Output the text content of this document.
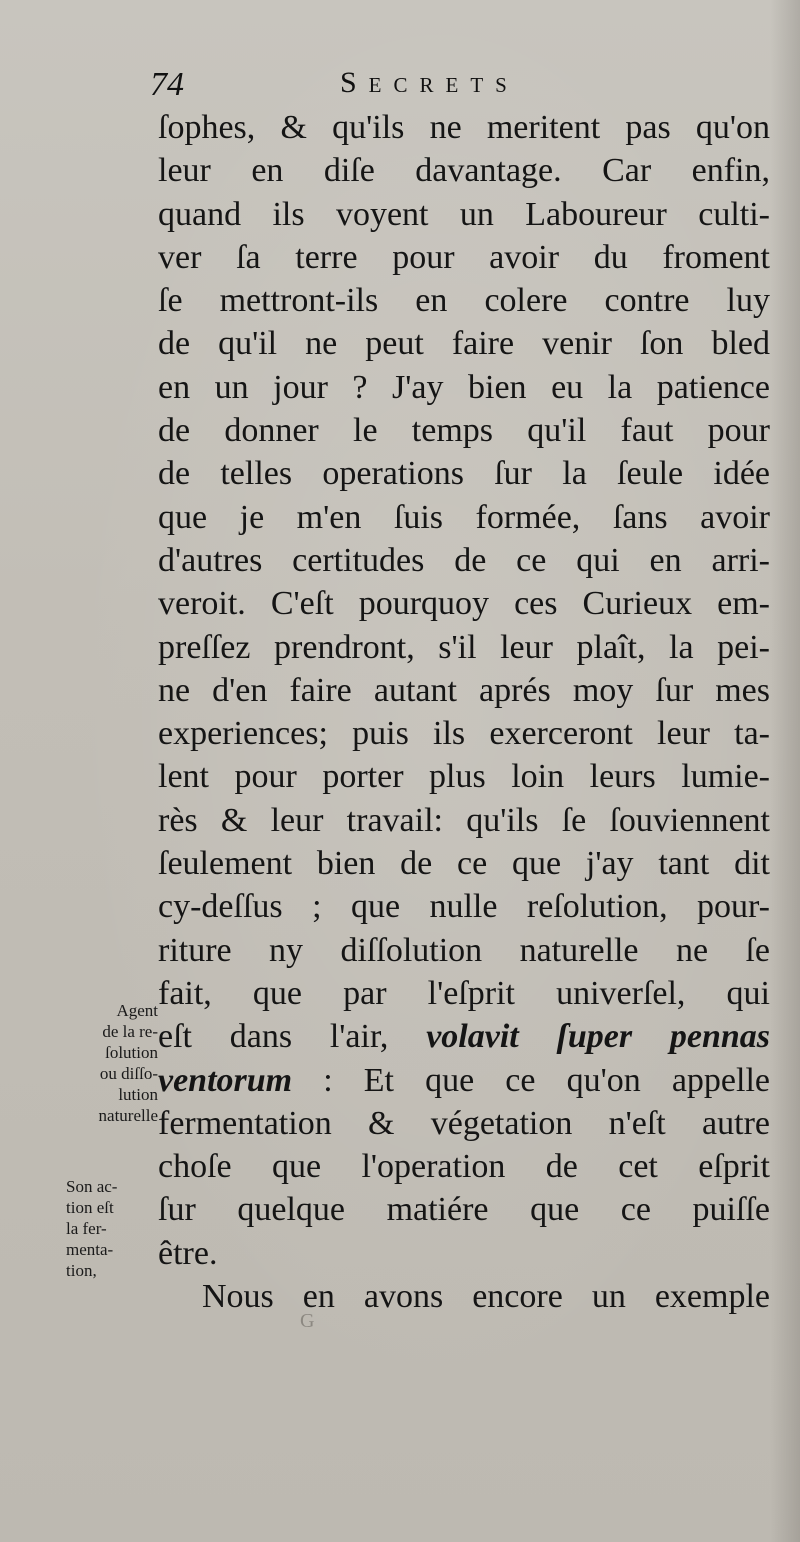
74	Secrets
ſophes, & qu'ils ne meritent pas qu'on
leur en diſe davantage. Car enfin,
quand ils voyent un Laboureur culti-
ver ſa terre pour avoir du froment
ſe mettront-ils en colere contre luy
de qu'il ne peut faire venir ſon bled
en un jour ? J'ay bien eu la patience
de donner le temps qu'il faut pour
de telles operations ſur la ſeule idée
que je m'en ſuis formée, ſans avoir
d'autres certitudes de ce qui en arri-
veroit. C'eſt pourquoy ces Curieux em-
preſſez prendront, s'il leur plaît, la pei-
ne d'en faire autant aprés moy ſur mes
experiences; puis ils exerceront leur ta-
lent pour porter plus loin leurs lumie-
rès & leur travail: qu'ils ſe ſouviennent
ſeulement bien de ce que j'ay tant dit
cy-deſſus ; que nulle reſolution, pour-
riture ny diſſolution naturelle ne ſe
fait, que par l'eſprit univerſel, qui
eſt dans l'air, volavit ſuper pennas
ventorum : Et que ce qu'on appelle
fermentation & végetation n'eſt autre
choſe que l'operation de cet eſprit
ſur quelque matiére que ce puiſſe
être.
Nous en avons encore un exemple
Agent
de la re-
ſolution
ou diſſo-
lution
naturelle
Son ac-
tion eſt
la fer-
menta-
tion,
G
